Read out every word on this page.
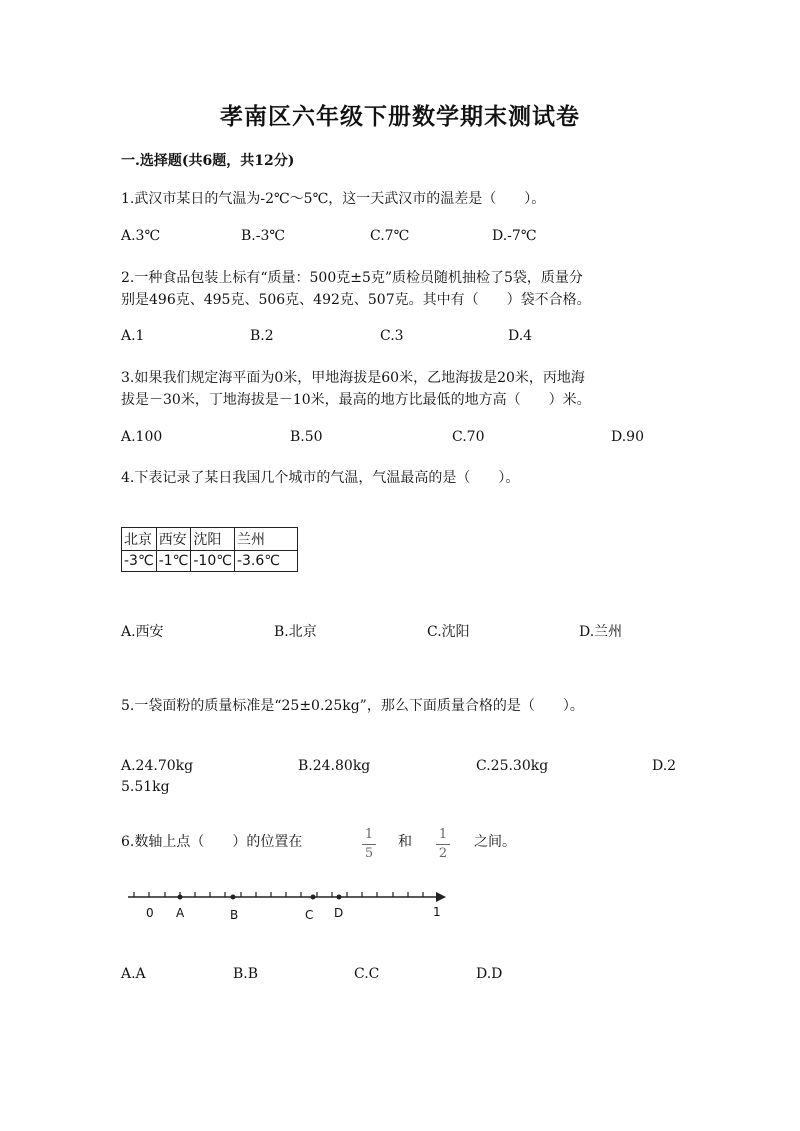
孝南区六年级下册数学期末测试卷
一.选择题(共6题，共12分)
1.武汉市某日的气温为-2℃～5℃，这一天武汉市的温差是（　　）。
A.3℃	B.-3℃	C.7℃	D.-7℃
2.一种食品包装上标有“质量：500克±5克”质检员随机抽检了5袋，质量分
别是496克、495克、506克、492克、507克。其中有（　　）袋不合格。
A.1	B.2	C.3	D.4
3.如果我们规定海平面为0米，甲地海拔是60米，乙地海拔是20米，丙地海
拔是－30米，丁地海拔是－10米，最高的地方比最低的地方高（　　）米。
A.100	B.50	C.70	D.90
4.下表记录了某日我国几个城市的气温，气温最高的是（　　）。
北京	西安	沈阳	兰州
-3℃	-1℃	-10℃	-3.6℃
A.西安	B.北京	C.沈阳	D.兰州
5.一袋面粉的质量标准是“25±0.25kg”，那么下面质量合格的是（　　）。
A.24.70kg	B.24.80kg	C.25.30kg	D.2
5.51kg
6.数轴上点（　　）的位置在	1
5
和 1
2
之间。
0 A	B	C D	1
A.A	B.B	C.C	D.D
